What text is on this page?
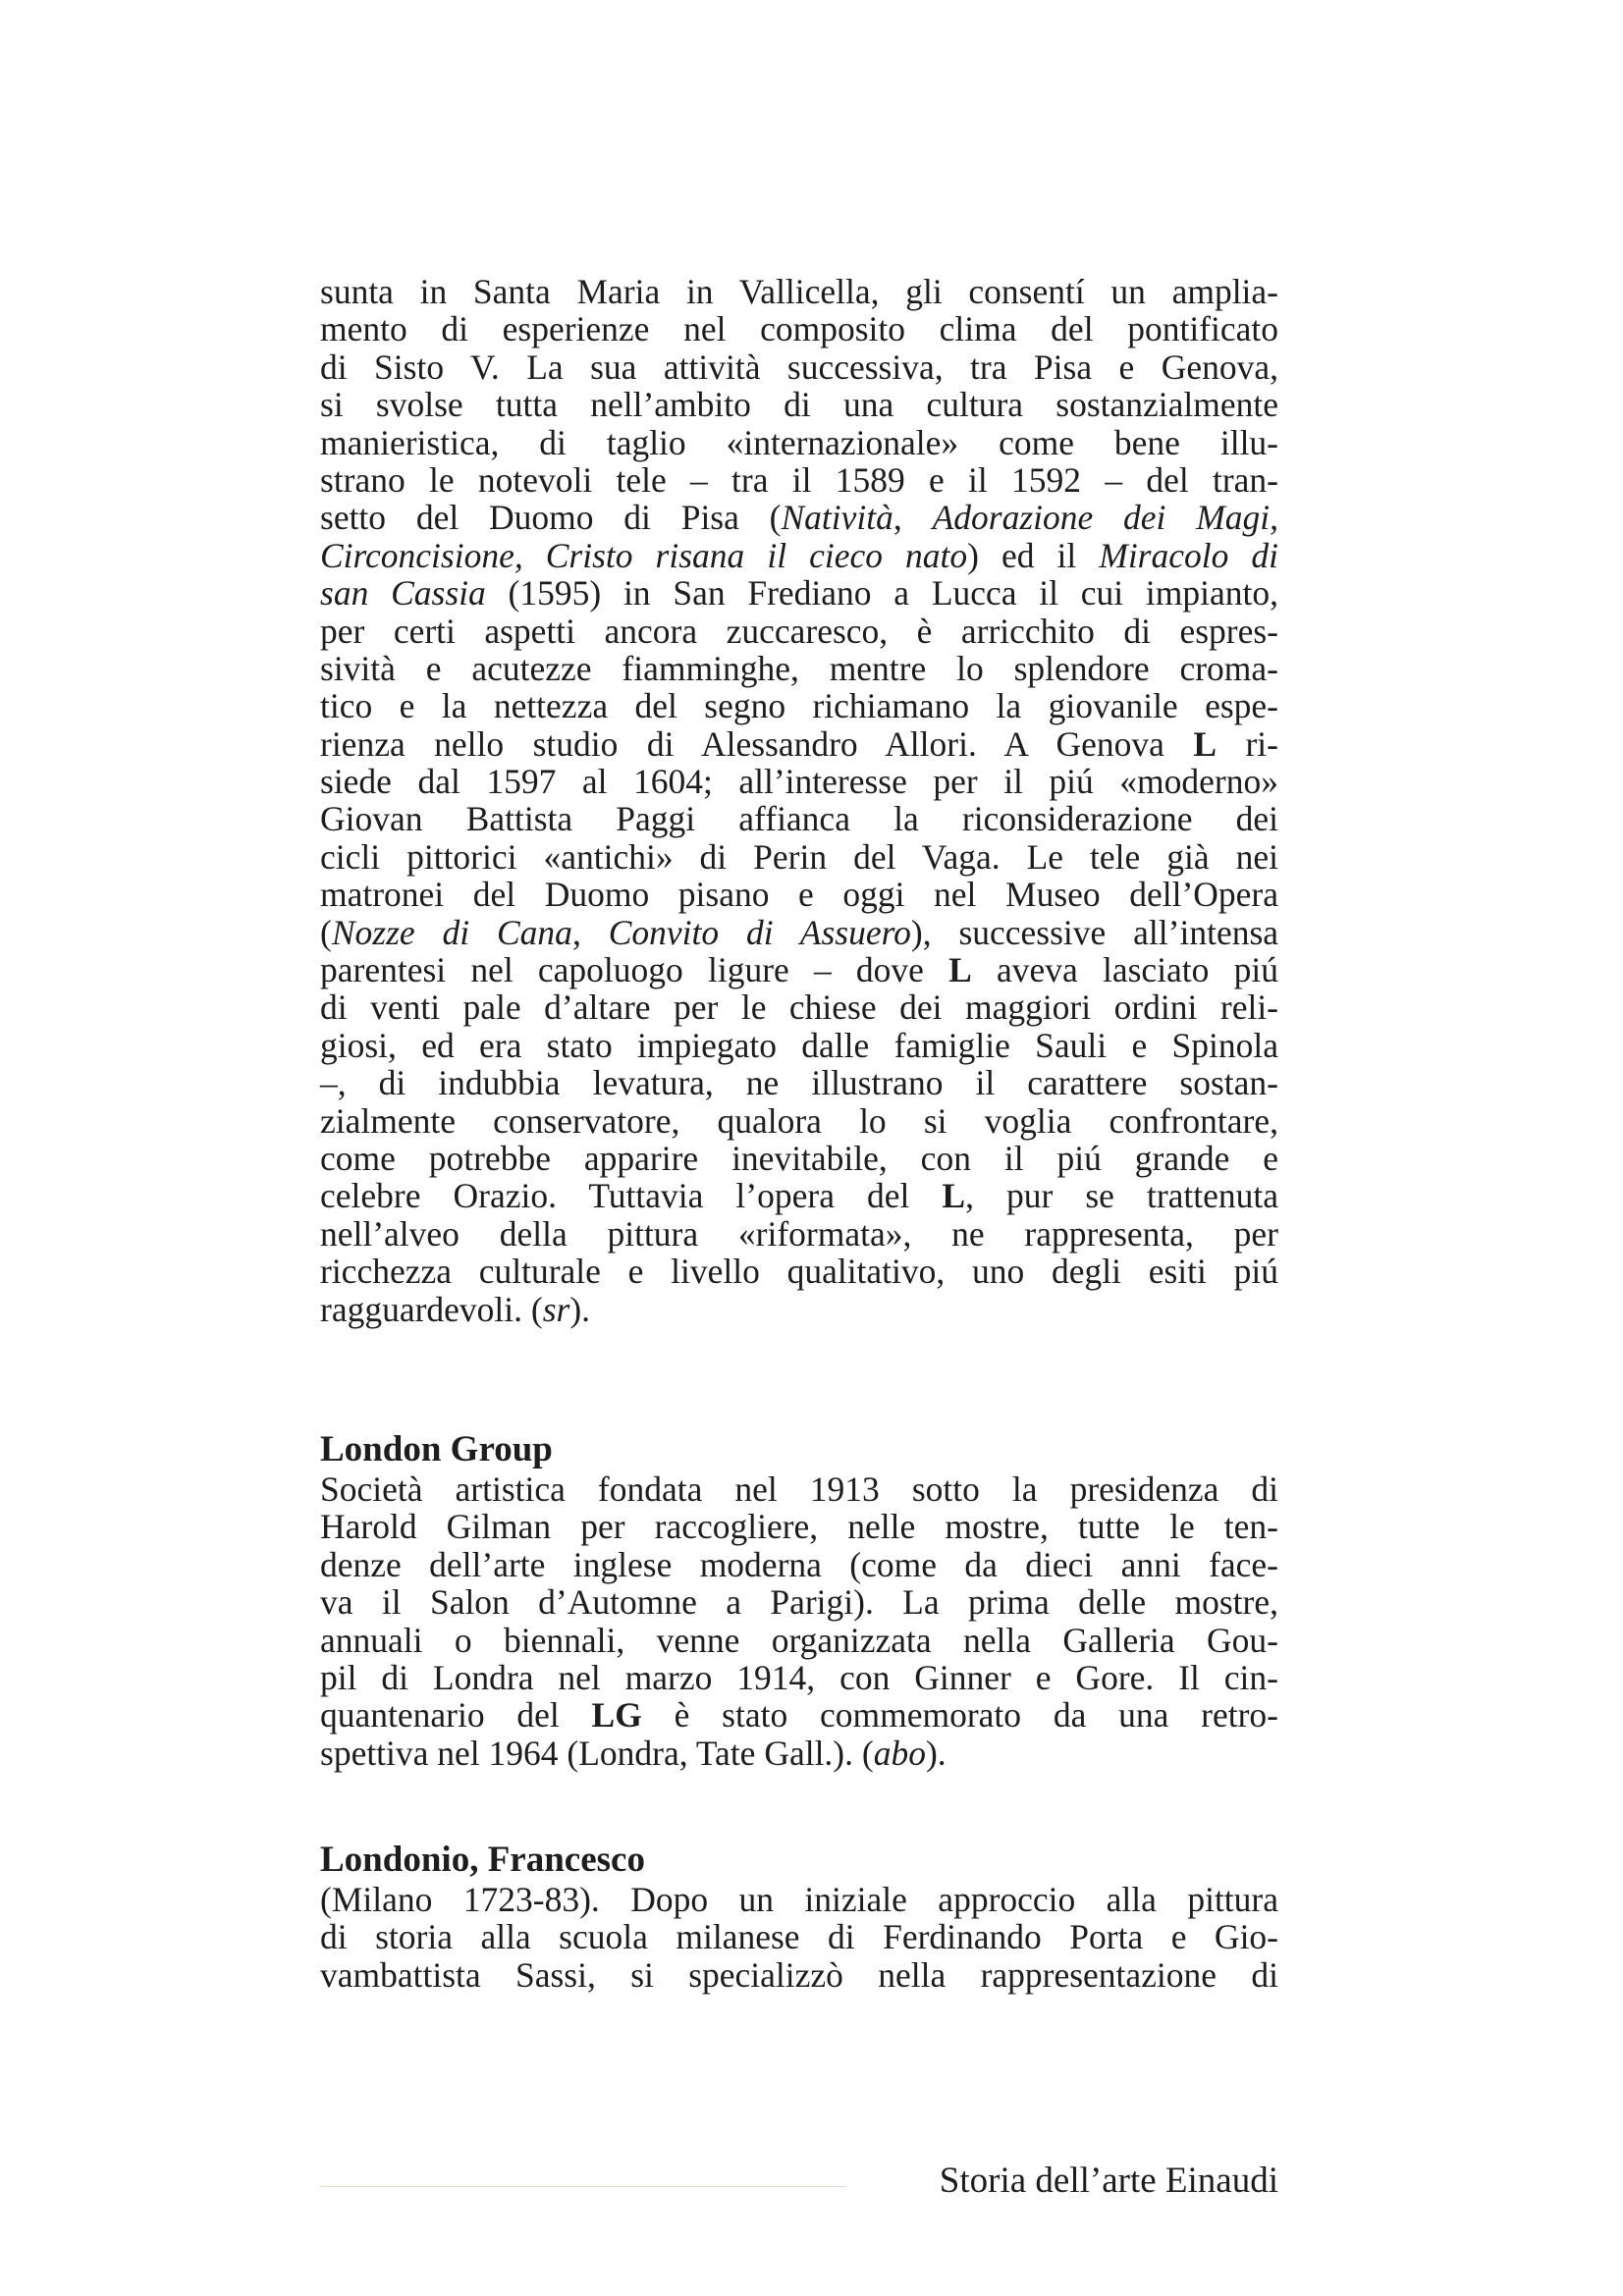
sunta in Santa Maria in Vallicella, gli consentí un amplia-
mento di esperienze nel composito clima del pontificato
di Sisto V. La sua attività successiva, tra Pisa e Genova,
si svolse tutta nell’ambito di una cultura sostanzialmente
manieristica, di taglio «internazionale» come bene illu-
strano le notevoli tele – tra il 1589 e il 1592 – del tran-
setto del Duomo di Pisa (Natività, Adorazione dei Magi,
Circoncisione, Cristo risana il cieco nato) ed il Miracolo di
san Cassia (1595) in San Frediano a Lucca il cui impianto,
per certi aspetti ancora zuccaresco, è arricchito di espres-
sività e acutezze fiamminghe, mentre lo splendore croma-
tico e la nettezza del segno richiamano la giovanile espe-
rienza nello studio di Alessandro Allori. A Genova L ri-
siede dal 1597 al 1604; all’interesse per il piú «moderno»
Giovan Battista Paggi affianca la riconsiderazione dei
cicli pittorici «antichi» di Perin del Vaga. Le tele già nei
matronei del Duomo pisano e oggi nel Museo dell’Opera
(Nozze di Cana, Convito di Assuero), successive all’intensa
parentesi nel capoluogo ligure – dove L aveva lasciato piú
di venti pale d’altare per le chiese dei maggiori ordini reli-
giosi, ed era stato impiegato dalle famiglie Sauli e Spinola
–, di indubbia levatura, ne illustrano il carattere sostan-
zialmente conservatore, qualora lo si voglia confrontare,
come potrebbe apparire inevitabile, con il piú grande e
celebre Orazio. Tuttavia l’opera del L, pur se trattenuta
nell’alveo della pittura «riformata», ne rappresenta, per
ricchezza culturale e livello qualitativo, uno degli esiti piú
ragguardevoli. (sr).
London Group
Società artistica fondata nel 1913 sotto la presidenza di
Harold Gilman per raccogliere, nelle mostre, tutte le ten-
denze dell’arte inglese moderna (come da dieci anni face-
va il Salon d’Automne a Parigi). La prima delle mostre,
annuali o biennali, venne organizzata nella Galleria Gou-
pil di Londra nel marzo 1914, con Ginner e Gore. Il cin-
quantenario del LG è stato commemorato da una retro-
spettiva nel 1964 (Londra, Tate Gall.). (abo).
Londonio, Francesco
(Milano 1723-83). Dopo un iniziale approccio alla pittura
di storia alla scuola milanese di Ferdinando Porta e Gio-
vambattista Sassi, si specializzò nella rappresentazione di
Storia dell’arte Einaudi
